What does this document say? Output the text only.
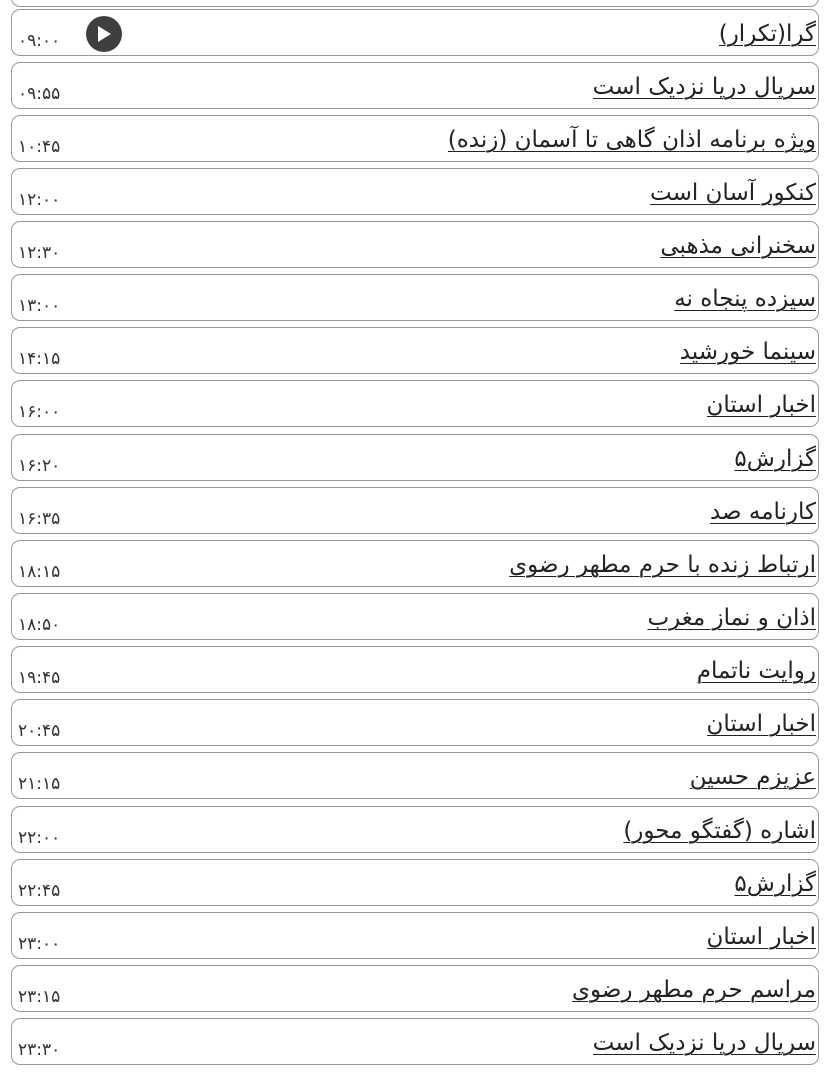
گرا(تکرار)
۰۹:۰۰
سریال دریا نزدیک است
۰۹:۵۵
ویژه برنامه اذان گاهی تا آسمان (زنده)
۱۰:۴۵
کنکور آسان است
۱۲:۰۰
سخنرانی مذهبی
۱۲:۳۰
سیزده پنجاه نه
۱۳:۰۰
سینما خورشید
۱۴:۱۵
اخبار استان
۱۶:۰۰
گزارش۵
۱۶:۲۰
کارنامه صد
۱۶:۳۵
ارتباط زنده با حرم مطهر رضوی
۱۸:۱۵
اذان و نماز مغرب
۱۸:۵۰
روایت ناتمام
۱۹:۴۵
اخبار استان
۲۰:۴۵
عزیزم حسین
۲۱:۱۵
اشاره (گفتگو محور)
۲۲:۰۰
گزارش۵
۲۲:۴۵
اخبار استان
۲۳:۰۰
مراسم حرم مطهر رضوی
۲۳:۱۵
سریال دریا نزدیک است
۲۳:۳۰
